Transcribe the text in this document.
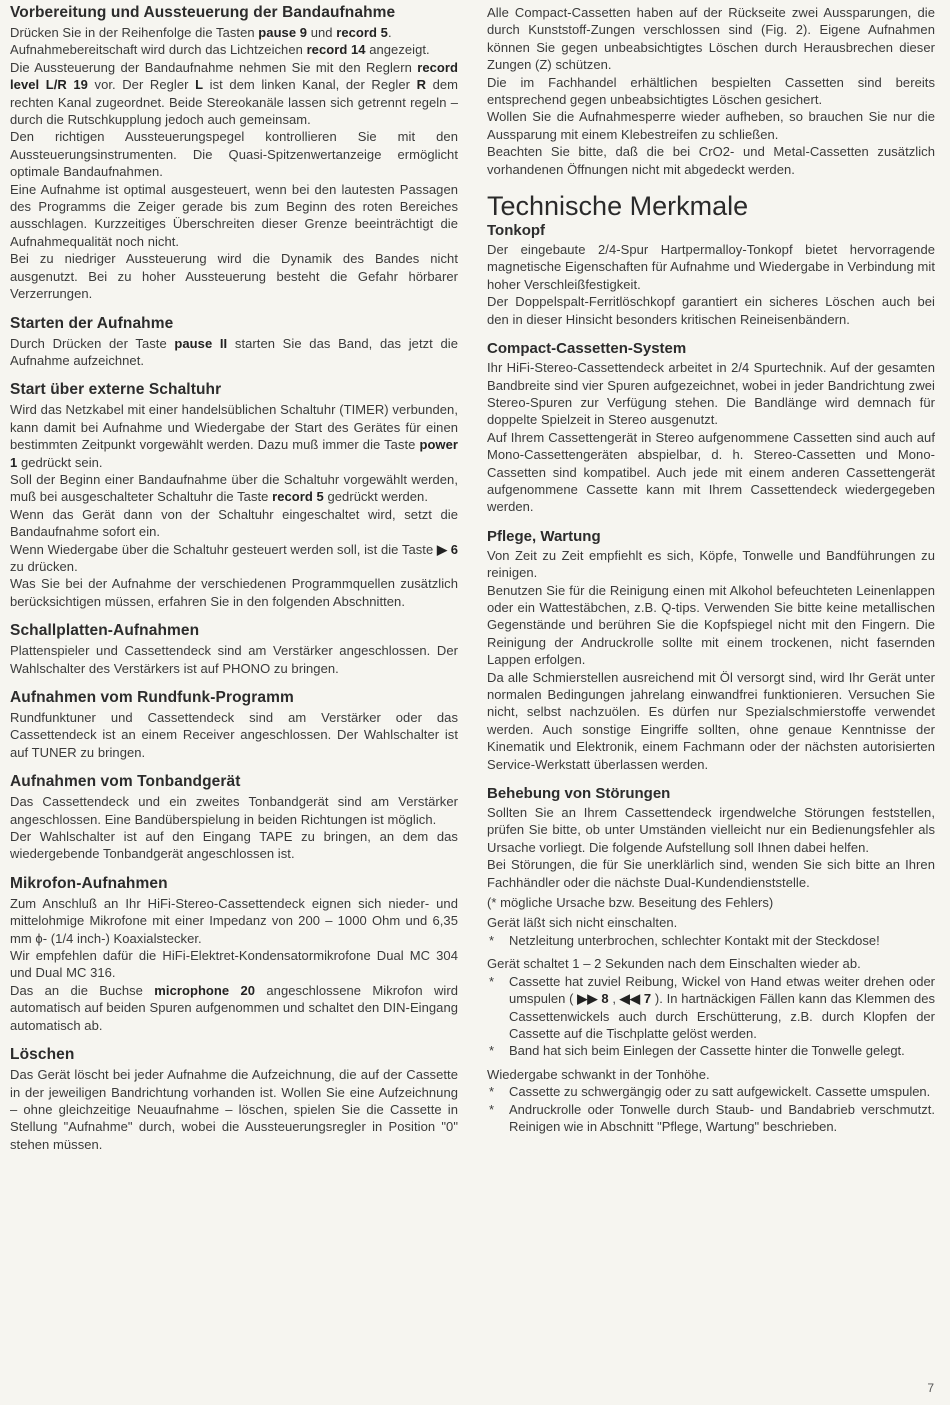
Vorbereitung und Aussteuerung der Bandaufnahme

Drücken Sie in der Reihenfolge die Tasten pause 9 und record 5.

Aufnahmebereitschaft wird durch das Lichtzeichen record 14 angezeigt.

Die Aussteuerung der Bandaufnahme nehmen Sie mit den Reglern record level L/R 19 vor. Der Regler L ist dem linken Kanal, der Regler R dem rechten Kanal zugeordnet. Beide Stereokanäle lassen sich getrennt regeln – durch die Rutschkupplung jedoch auch gemeinsam.

Den richtigen Aussteuerungspegel kontrollieren Sie mit den Aussteuerungsinstrumenten. Die Quasi-Spitzenwertanzeige ermöglicht optimale Bandaufnahmen.

Eine Aufnahme ist optimal ausgesteuert, wenn bei den lautesten Passagen des Programms die Zeiger gerade bis zum Beginn des roten Bereiches ausschlagen. Kurzzeitiges Überschreiten dieser Grenze beeinträchtigt die Aufnahmequalität noch nicht.

Bei zu niedriger Aussteuerung wird die Dynamik des Bandes nicht ausgenutzt. Bei zu hoher Aussteuerung besteht die Gefahr hörbarer Verzerrungen.

Starten der Aufnahme

Durch Drücken der Taste pause II starten Sie das Band, das jetzt die Aufnahme aufzeichnet.

Start über externe Schaltuhr

Wird das Netzkabel mit einer handelsüblichen Schaltuhr (TIMER) verbunden, kann damit bei Aufnahme und Wiedergabe der Start des Gerätes für einen bestimmten Zeitpunkt vorgewählt werden. Dazu muß immer die Taste power 1 gedrückt sein.

Soll der Beginn einer Bandaufnahme über die Schaltuhr vorgewählt werden, muß bei ausgeschalteter Schaltuhr die Taste record 5 gedrückt werden.

Wenn das Gerät dann von der Schaltuhr eingeschaltet wird, setzt die Bandaufnahme sofort ein.

Wenn Wiedergabe über die Schaltuhr gesteuert werden soll, ist die Taste ▶ 6 zu drücken.

Was Sie bei der Aufnahme der verschiedenen Programmquellen zusätzlich berücksichtigen müssen, erfahren Sie in den folgenden Abschnitten.

Schallplatten-Aufnahmen

Plattenspieler und Cassettendeck sind am Verstärker angeschlossen. Der Wahlschalter des Verstärkers ist auf PHONO zu bringen.

Aufnahmen vom Rundfunk-Programm

Rundfunktuner und Cassettendeck sind am Verstärker oder das Cassettendeck ist an einem Receiver angeschlossen. Der Wahlschalter ist auf TUNER zu bringen.

Aufnahmen vom Tonbandgerät

Das Cassettendeck und ein zweites Tonbandgerät sind am Verstärker angeschlossen. Eine Bandüberspielung in beiden Richtungen ist möglich.

Der Wahlschalter ist auf den Eingang TAPE zu bringen, an dem das wiedergebende Tonbandgerät angeschlossen ist.

Mikrofon-Aufnahmen

Zum Anschluß an Ihr HiFi-Stereo-Cassettendeck eignen sich nieder- und mittelohmige Mikrofone mit einer Impedanz von 200 – 1000 Ohm und 6,35 mm ϕ- (1/4 inch-) Koaxialstecker.

Wir empfehlen dafür die HiFi-Elektret-Kondensatormikrofone Dual MC 304 und Dual MC 316.

Das an die Buchse microphone 20 angeschlossene Mikrofon wird automatisch auf beiden Spuren aufgenommen und schaltet den DIN-Eingang automatisch ab.

Löschen

Das Gerät löscht bei jeder Aufnahme die Aufzeichnung, die auf der Cassette in der jeweiligen Bandrichtung vorhanden ist. Wollen Sie eine Aufzeichnung – ohne gleichzeitige Neuaufnahme – löschen, spielen Sie die Cassette in Stellung "Aufnahme" durch, wobei die Aussteuerungsregler in Position "0" stehen müssen.

Alle Compact-Cassetten haben auf der Rückseite zwei Aussparungen, die durch Kunststoff-Zungen verschlossen sind (Fig. 2). Eigene Aufnahmen können Sie gegen unbeabsichtigtes Löschen durch Herausbrechen dieser Zungen (Z) schützen.

Die im Fachhandel erhältlichen bespielten Cassetten sind bereits entsprechend gegen unbeabsichtigtes Löschen gesichert.

Wollen Sie die Aufnahmesperre wieder aufheben, so brauchen Sie nur die Aussparung mit einem Klebestreifen zu schließen.

Beachten Sie bitte, daß die bei CrO2- und Metal-Cassetten zusätzlich vorhandenen Öffnungen nicht mit abgedeckt werden.

Technische Merkmale
Tonkopf

Der eingebaute 2/4-Spur Hartpermalloy-Tonkopf bietet hervorragende magnetische Eigenschaften für Aufnahme und Wiedergabe in Verbindung mit hoher Verschleißfestigkeit.

Der Doppelspalt-Ferritlöschkopf garantiert ein sicheres Löschen auch bei den in dieser Hinsicht besonders kritischen Reineisenbändern.

Compact-Cassetten-System

Ihr HiFi-Stereo-Cassettendeck arbeitet in 2/4 Spurtechnik. Auf der gesamten Bandbreite sind vier Spuren aufgezeichnet, wobei in jeder Bandrichtung zwei Stereo-Spuren zur Verfügung stehen. Die Bandlänge wird demnach für doppelte Spielzeit in Stereo ausgenutzt.

Auf Ihrem Cassettengerät in Stereo aufgenommene Cassetten sind auch auf Mono-Cassettengeräten abspielbar, d. h. Stereo-Cassetten und Mono-Cassetten sind kompatibel. Auch jede mit einem anderen Cassettengerät aufgenommene Cassette kann mit Ihrem Cassettendeck wiedergegeben werden.

Pflege, Wartung

Von Zeit zu Zeit empfiehlt es sich, Köpfe, Tonwelle und Bandführungen zu reinigen.

Benutzen Sie für die Reinigung einen mit Alkohol befeuchteten Leinenlappen oder ein Wattestäbchen, z.B. Q-tips. Verwenden Sie bitte keine metallischen Gegenstände und berühren Sie die Kopfspiegel nicht mit den Fingern. Die Reinigung der Andruckrolle sollte mit einem trockenen, nicht fasernden Lappen erfolgen.

Da alle Schmierstellen ausreichend mit Öl versorgt sind, wird Ihr Gerät unter normalen Bedingungen jahrelang einwandfrei funktionieren. Versuchen Sie nicht, selbst nachzuölen. Es dürfen nur Spezialschmierstoffe verwendet werden. Auch sonstige Eingriffe sollten, ohne genaue Kenntnisse der Kinematik und Elektronik, einem Fachmann oder der nächsten autorisierten Service-Werkstatt überlassen werden.

Behebung von Störungen

Sollten Sie an Ihrem Cassettendeck irgendwelche Störungen feststellen, prüfen Sie bitte, ob unter Umständen vielleicht nur ein Bedienungsfehler als Ursache vorliegt. Die folgende Aufstellung soll Ihnen dabei helfen.

Bei Störungen, die für Sie unerklärlich sind, wenden Sie sich bitte an Ihren Fachhändler oder die nächste Dual-Kundendienststelle.

(* mögliche Ursache bzw. Beseitung des Fehlers)

Gerät läßt sich nicht einschalten.

* Netzleitung unterbrochen, schlechter Kontakt mit der Steckdose!

Gerät schaltet 1 – 2 Sekunden nach dem Einschalten wieder ab.

* Cassette hat zuviel Reibung, Wickel von Hand etwas weiter drehen oder umspulen ( ▶▶ 8 , ◀◀ 7 ). In hartnäckigen Fällen kann das Klemmen des Cassettenwickels auch durch Erschütterung, z.B. durch Klopfen der Cassette auf die Tischplatte gelöst werden.
* Band hat sich beim Einlegen der Cassette hinter die Tonwelle gelegt.

Wiedergabe schwankt in der Tonhöhe.

* Cassette zu schwergängig oder zu satt aufgewickelt. Cassette umspulen.
* Andruckrolle oder Tonwelle durch Staub- und Bandabrieb verschmutzt. Reinigen wie in Abschnitt "Pflege, Wartung" beschrieben.
7
